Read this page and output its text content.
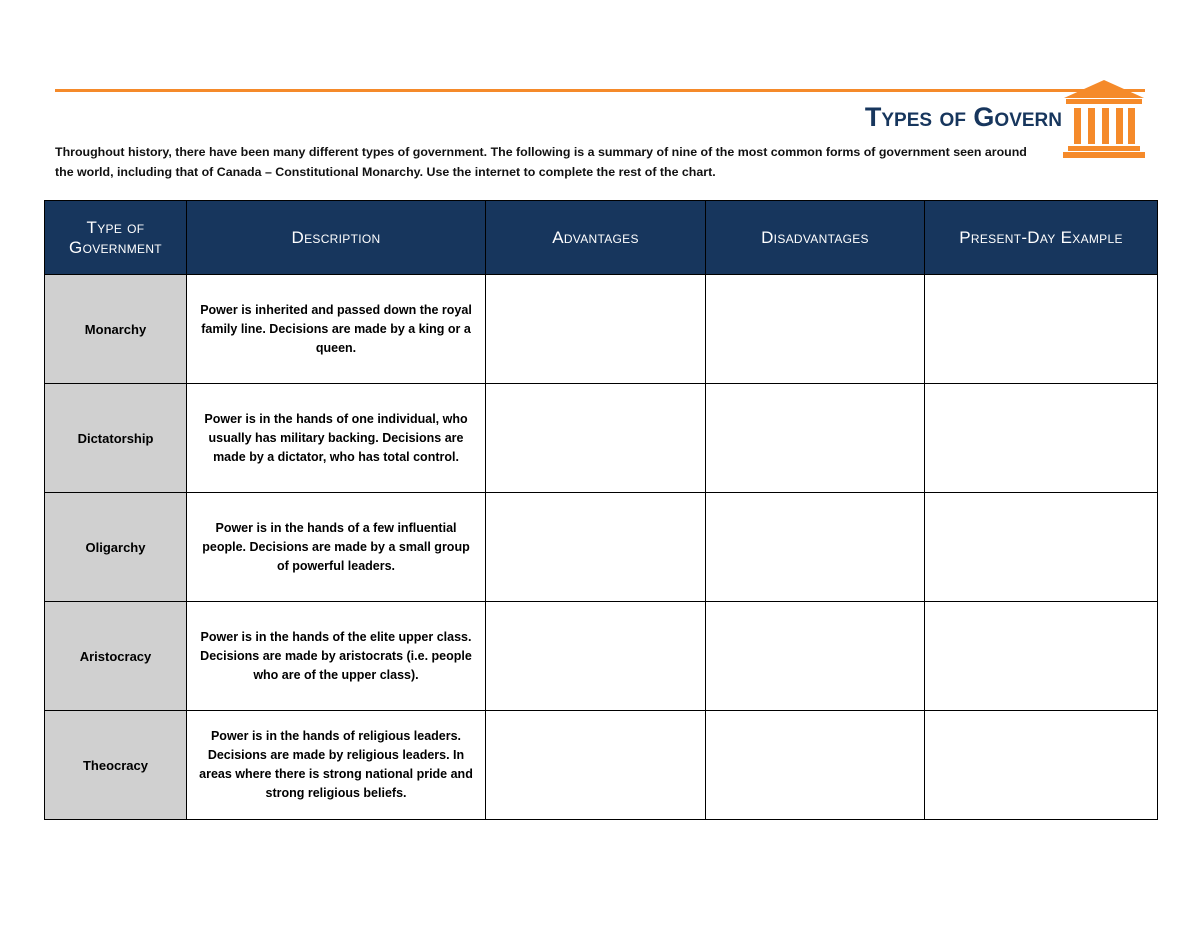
Types of Govern
Throughout history, there have been many different types of government. The following is a summary of nine of the most common forms of government seen around the world, including that of Canada – Constitutional Monarchy. Use the internet to complete the rest of the chart.
Type of Government	Description	Advantages	Disadvantages	Present-Day Example
Monarchy	Power is inherited and passed down the royal family line. Decisions are made by a king or a queen.			
Dictatorship	Power is in the hands of one individual, who usually has military backing. Decisions are made by a dictator, who has total control.			
Oligarchy	Power is in the hands of a few influential people. Decisions are made by a small group of powerful leaders.			
Aristocracy	Power is in the hands of the elite upper class. Decisions are made by aristocrats (i.e. people who are of the upper class).			
Theocracy	Power is in the hands of religious leaders. Decisions are made by religious leaders. In areas where there is strong national pride and strong religious beliefs.			
